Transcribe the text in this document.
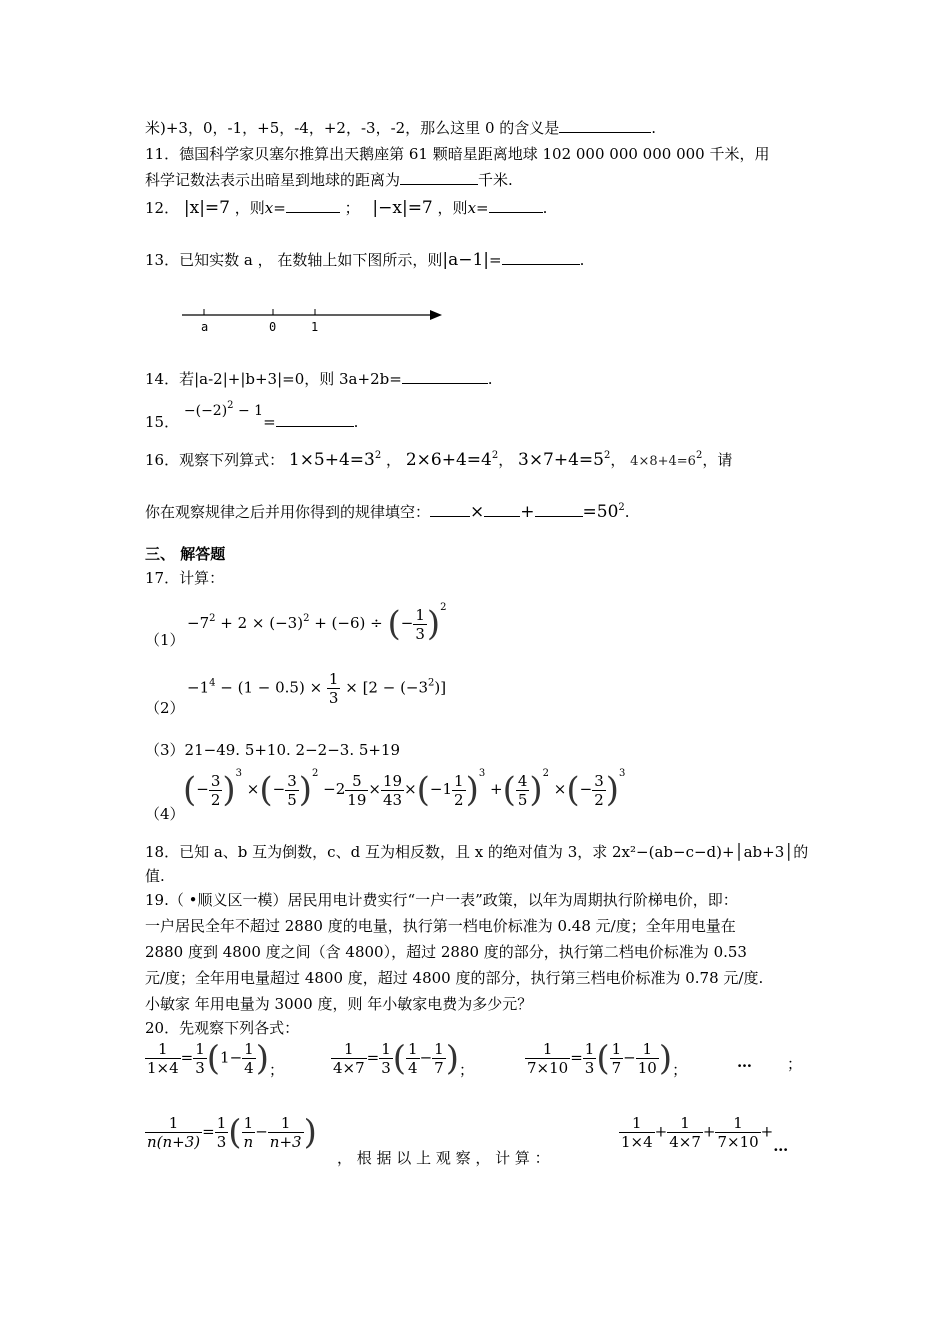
米)+3，0，-1，+5，-4，+2，-3，-2，那么这里 0 的含义是	.
11．德国科学家贝塞尔推算出天鹅座第 61 颗暗星距离地球 102 000 000 000 000 千米，用
科学记数法表示出暗星到地球的距离为	千米.
12． |x|=7 ，则x=	； |−x|=7 ，则x=	.
13．已知实数 a ， 在数轴上如下图所示，则|a−1|=	.
a	0	1
14．若|a-2|+|b+3|=0，则 3a+2b=	.
15． $-(-2)^2 - 1=$	.
16．观察下列算式： $1\times 5+4=3^2$ ， $2\times 6+4=4^2$， $3\times 7+4=5^2$， $4\times 8+4=6^2$，请
你在观察规律之后并用你得到的规律填空： × +	$=50^2$.
三、 解答题
17．计算：
（1）
$-7^2 + 2 \times (-3)^2 + (-6)$ ÷ (− $\frac{1}{3} )^2$
（2）
$-1^4 - (1 - 0.5) \times \frac{1}{3} \times [2 - (-3^2)]$
（3）21−49. 5+10. 2−2−3. 5+19
（4）
(− $\frac{3}{2} )^3$ ×(− $\frac{3}{5} )^2 -2 \frac{5}{19} \times \frac{19}{43} \times(-1 \frac{1}{2} )^3$ +( $\frac{4}{5} )^2$ ×(− $\frac{3}{2} )^3$
18．已知 a、b 互为倒数，c、d 互为相反数，且 x 的绝对值为 3，求 2x²−(ab−c−d)+│ab+3│的
值.
19.（ •顺义区一模）居民用电计费实行“一户一表”政策，以年为周期执行阶梯电价，即：
一户居民全年不超过 2880 度的电量，执行第一档电价标准为 0.48 元/度；全年用电量在
2880 度到 4800 度之间（含 4800），超过 2880 度的部分，执行第二档电价标准为 0.53
元/度；全年用电量超过 4800 度，超过 4800 度的部分，执行第三档电价标准为 0.78 元/度.
小敏家 年用电量为 3000 度，则 年小敏家电费为多少元？
20．先观察下列各式：
$\frac{1}{1\times 4} = \frac{1}{3} (1- \frac{1}{4}$ )；	$\frac{1}{4\times 7} = \frac{1}{3}$ ( $\frac{1}{4} - \frac{1}{7}$ )；	$\frac{1}{7\times 10} = \frac{1}{3}$ ( $\frac{1}{7} - \frac{1}{10}$ )；	… ；
$\frac{1}{n(n+3)} = \frac{1}{3}$ ( $\frac{1}{n} - \frac{1}{n+3}$ )
， 根 据 以 上 观 察 ， 计 算 ：
$\frac{1}{1\times 4} + \frac{1}{4\times 7} + \frac{1}{7\times 10}$ +…
